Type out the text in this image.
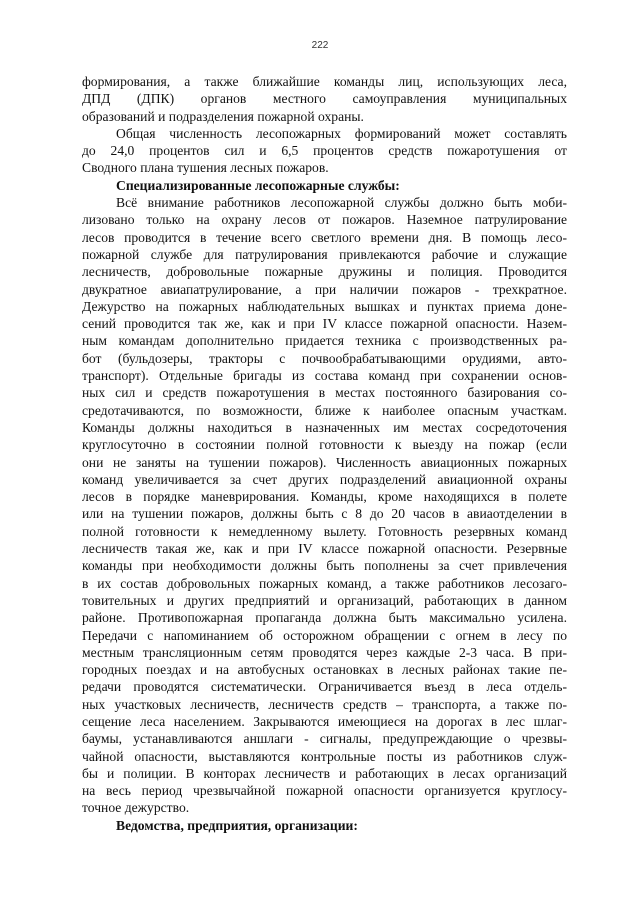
222
формирования, а также ближайшие команды лиц, использующих леса,
ДПД (ДПК) органов местного самоуправления муниципальных
образований и подразделения пожарной охраны.
Общая численность лесопожарных формирований может составлять
до 24,0 процентов сил и 6,5 процентов средств пожаротушения от
Сводного плана тушения лесных пожаров.
Специализированные лесопожарные службы:
Всё внимание работников лесопожарной службы должно быть моби-
лизовано только на охрану лесов от пожаров. Наземное патрулирование
лесов проводится в течение всего светлого времени дня. В помощь лесо-
пожарной службе для патрулирования привлекаются рабочие и служащие
лесничеств, добровольные пожарные дружины и полиция. Проводится
двукратное авиапатрулирование, а при наличии пожаров - трехкратное.
Дежурство на пожарных наблюдательных вышках и пунктах приема доне-
сений проводится так же, как и при IV классе пожарной опасности. Назем-
ным командам дополнительно придается техника с производственных ра-
бот (бульдозеры, тракторы с почвообрабатывающими орудиями, авто-
транспорт). Отдельные бригады из состава команд при сохранении основ-
ных сил и средств пожаротушения в местах постоянного базирования со-
средотачиваются, по возможности, ближе к наиболее опасным участкам.
Команды должны находиться в назначенных им местах сосредоточения
круглосуточно в состоянии полной готовности к выезду на пожар (если
они не заняты на тушении пожаров). Численность авиационных пожарных
команд увеличивается за счет других подразделений авиационной охраны
лесов в порядке маневрирования. Команды, кроме находящихся в полете
или на тушении пожаров, должны быть с 8 до 20 часов в авиаотделении в
полной готовности к немедленному вылету. Готовность резервных команд
лесничеств такая же, как и при IV классе пожарной опасности. Резервные
команды при необходимости должны быть пополнены за счет привлечения
в их состав добровольных пожарных команд, а также работников лесозаго-
товительных и других предприятий и организаций, работающих в данном
районе. Противопожарная пропаганда должна быть максимально усилена.
Передачи с напоминанием об осторожном обращении с огнем в лесу по
местным трансляционным сетям проводятся через каждые 2-3 часа. В при-
городных поездах и на автобусных остановках в лесных районах такие пе-
редачи проводятся систематически. Ограничивается въезд в леса отдель-
ных участковых лесничеств, лесничеств средств – транспорта, а также по-
сещение леса населением. Закрываются имеющиеся на дорогах в лес шлаг-
баумы, устанавливаются аншлаги - сигналы, предупреждающие о чрезвы-
чайной опасности, выставляются контрольные посты из работников служ-
бы и полиции. В конторах лесничеств и работающих в лесах организаций
на весь период чрезвычайной пожарной опасности организуется круглосу-
точное дежурство.
Ведомства, предприятия, организации:
